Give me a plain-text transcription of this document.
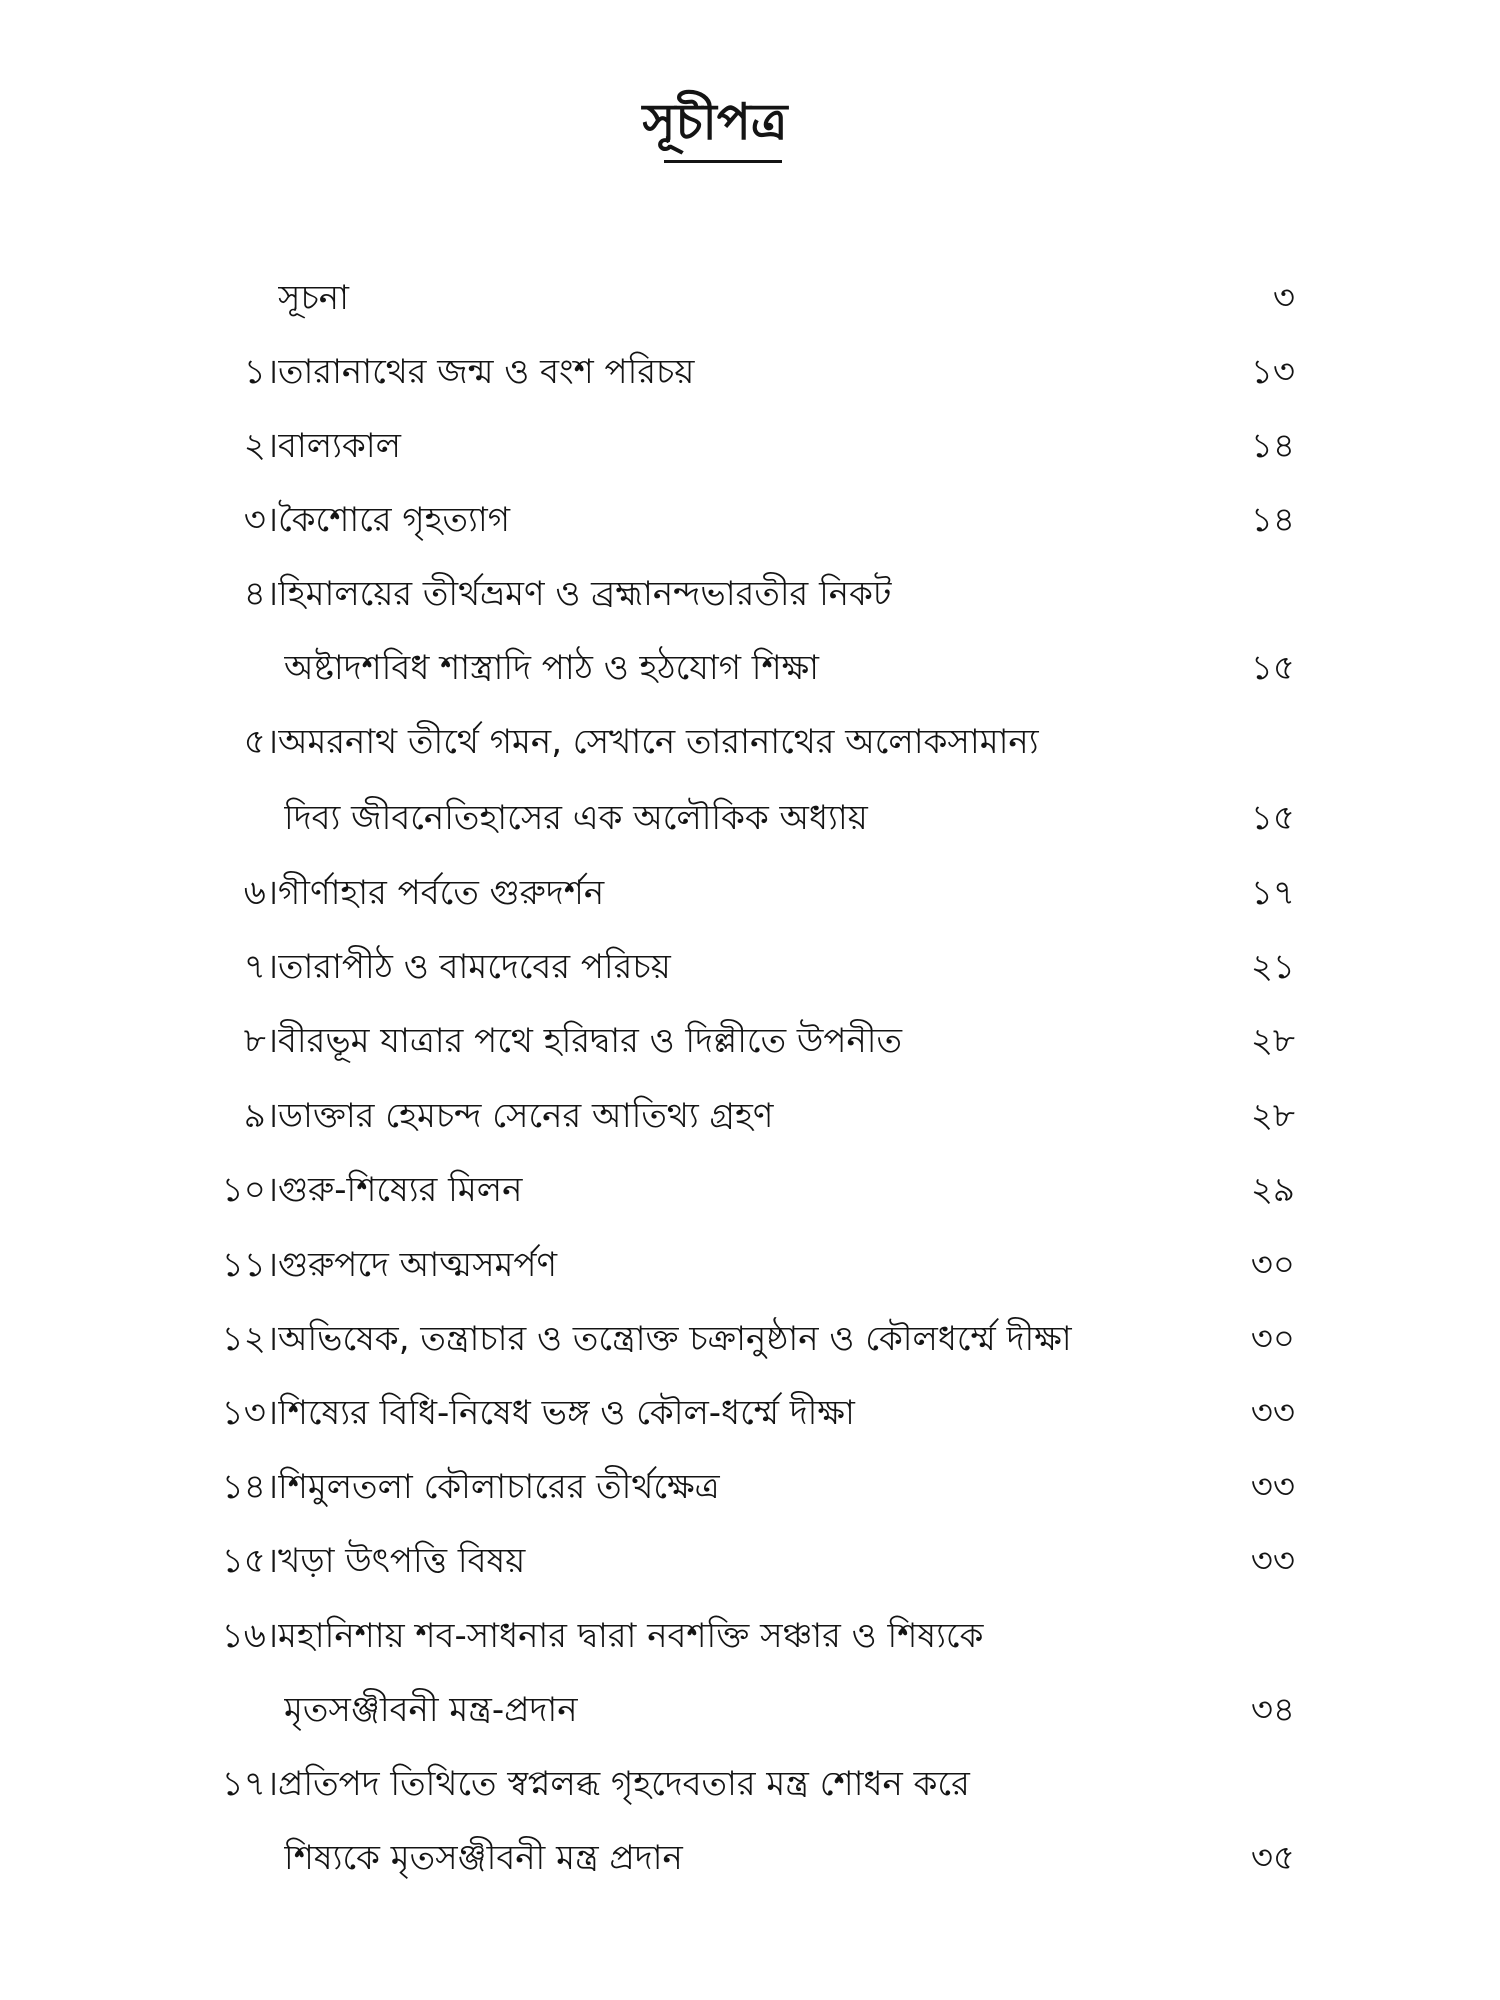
সূচীপত্র
সূচনা	৩
১। তারানাথের জন্ম ও বংশ পরিচয়	১৩
২। বাল্যকাল	১৪
৩। কৈশোরে গৃহত্যাগ	১৪
৪। হিমালয়ের তীর্থভ্রমণ ও ব্রহ্মানন্দভারতীর নিকট
অষ্টাদশবিধ শাস্ত্রাদি পাঠ ও হঠযোগ শিক্ষা	১৫
৫। অমরনাথ তীর্থে গমন, সেখানে তারানাথের অলোকসামান্য
দিব্য জীবনেতিহাসের এক অলৌকিক অধ্যায়	১৫
৬। গীর্ণাহার পর্বতে গুরুদর্শন	১৭
৭। তারাপীঠ ও বামদেবের পরিচয়	২১
৮। বীরভূম যাত্রার পথে হরিদ্বার ও দিল্লীতে উপনীত	২৮
৯। ডাক্তার হেমচন্দ সেনের আতিথ্য গ্রহণ	২৮
১০। গুরু-শিষ্যের মিলন	২৯
১১। গুরুপদে আত্মসমর্পণ	৩০
১২। অভিষেক, তন্ত্রাচার ও তন্ত্রোক্ত চক্রানুষ্ঠান ও কৌলধর্ম্মে দীক্ষা	৩০
১৩। শিষ্যের বিধি-নিষেধ ভঙ্গ ও কৌল-ধর্ম্মে দীক্ষা	৩৩
১৪। শিমুলতলা কৌলাচারের তীর্থক্ষেত্র	৩৩
১৫। খড়া উৎপত্তি বিষয়	৩৩
১৬। মহানিশায় শব-সাধনার দ্বারা নবশক্তি সঞ্চার ও শিষ্যকে
মৃতসঞ্জীবনী মন্ত্র-প্রদান	৩৪
১৭। প্রতিপদ তিথিতে স্বপ্নলব্ধ গৃহদেবতার মন্ত্র শোধন করে
শিষ্যকে মৃতসঞ্জীবনী মন্ত্র প্রদান	৩৫
